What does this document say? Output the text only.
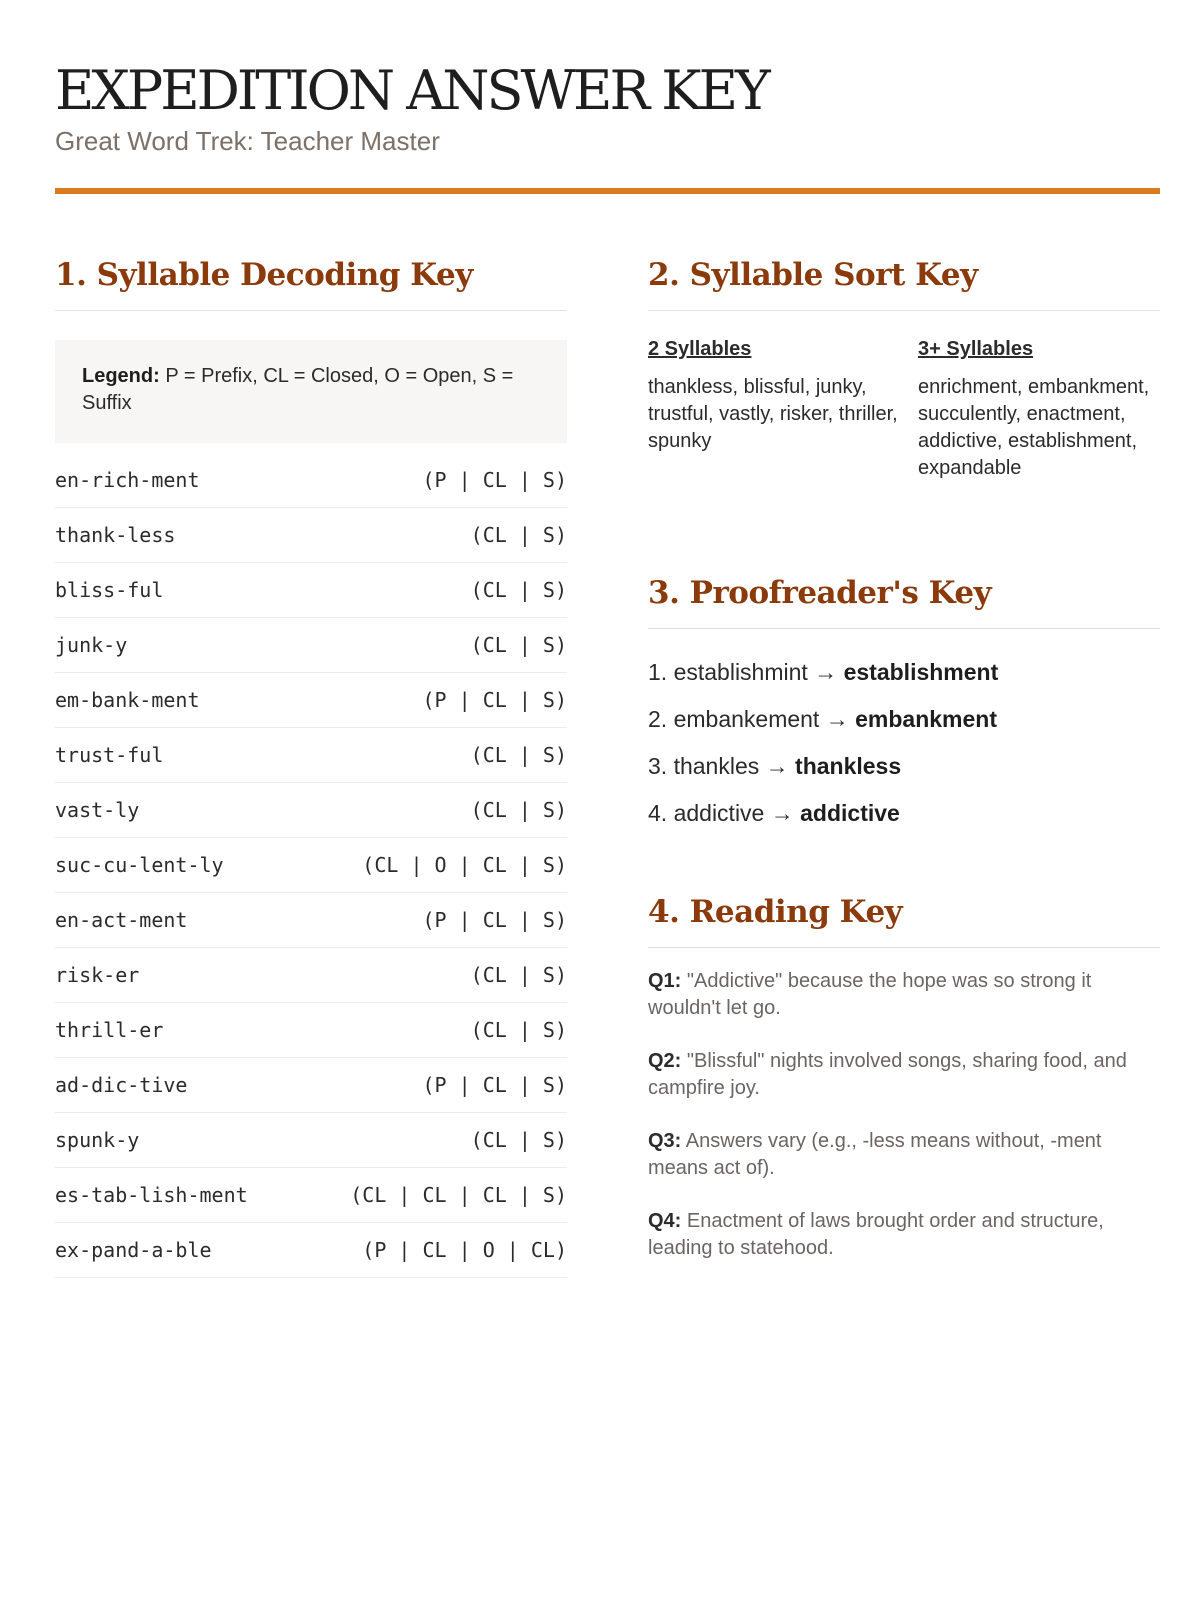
EXPEDITION ANSWER KEY
Great Word Trek: Teacher Master
1. Syllable Decoding Key
Legend: P = Prefix, CL = Closed, O = Open, S = Suffix
en-rich-ment	(P | CL | S)
thank-less	(CL | S)
bliss-ful	(CL | S)
junk-y	(CL | S)
em-bank-ment	(P | CL | S)
trust-ful	(CL | S)
vast-ly	(CL | S)
suc-cu-lent-ly	(CL | O | CL | S)
en-act-ment	(P | CL | S)
risk-er	(CL | S)
thrill-er	(CL | S)
ad-dic-tive	(P | CL | S)
spunk-y	(CL | S)
es-tab-lish-ment	(CL | CL | CL | S)
ex-pand-a-ble	(P | CL | O | CL)
2. Syllable Sort Key
2 Syllables
thankless, blissful, junky, trustful, vastly, risker, thriller, spunky
3+ Syllables
enrichment, embankment, succulently, enactment, addictive, establishment, expandable
3. Proofreader's Key
1. establishmint → establishment
2. embankement → embankment
3. thankles → thankless
4. addictive → addictive
4. Reading Key
Q1: "Addictive" because the hope was so strong it wouldn't let go.
Q2: "Blissful" nights involved songs, sharing food, and campfire joy.
Q3: Answers vary (e.g., -less means without, -ment means act of).
Q4: Enactment of laws brought order and structure, leading to statehood.
